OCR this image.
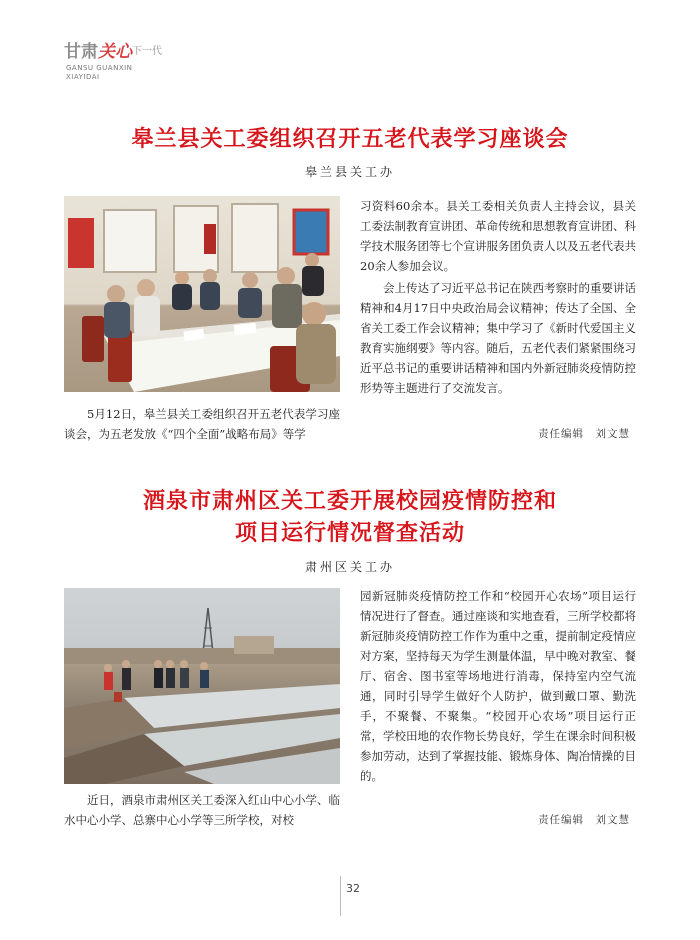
甘肃关心$^{下一代}$
GANSU GUANXIN
XIAYIDAI
皋兰县关工委组织召开五老代表学习座谈会
皋兰县关工办

5月12日，皋兰县关工委组织召开五老代表学习座谈会，为五老发放《“四个全面”战略布局》等学

习资料60余本。县关工委相关负责人主持会议，县关工委法制教育宣讲团、革命传统和思想教育宣讲团、科学技术服务团等七个宣讲服务团负责人以及五老代表共20余人参加会议。

会上传达了习近平总书记在陕西考察时的重要讲话精神和4月17日中央政治局会议精神；传达了全国、全省关工委工作会议精神；集中学习了《新时代爱国主义教育实施纲要》等内容。随后，五老代表们紧紧围绕习近平总书记的重要讲话精神和国内外新冠肺炎疫情防控形势等主题进行了交流发言。

责任编辑　刘文慧
酒泉市肃州区关工委开展校园疫情防控和
项目运行情况督查活动
肃州区关工办

近日，酒泉市肃州区关工委深入红山中心小学、临水中心小学、总寨中心小学等三所学校，对校

园新冠肺炎疫情防控工作和“校园开心农场”项目运行情况进行了督查。通过座谈和实地查看，三所学校都将新冠肺炎疫情防控工作作为重中之重，提前制定疫情应对方案，坚持每天为学生测量体温，早中晚对教室、餐厅、宿舍、图书室等场地进行消毒，保持室内空气流通，同时引导学生做好个人防护，做到戴口罩、勤洗手，不聚餐、不聚集。“校园开心农场”项目运行正常，学校田地的农作物长势良好，学生在课余时间积极参加劳动，达到了掌握技能、锻炼身体、陶冶情操的目的。

责任编辑　刘文慧
32
